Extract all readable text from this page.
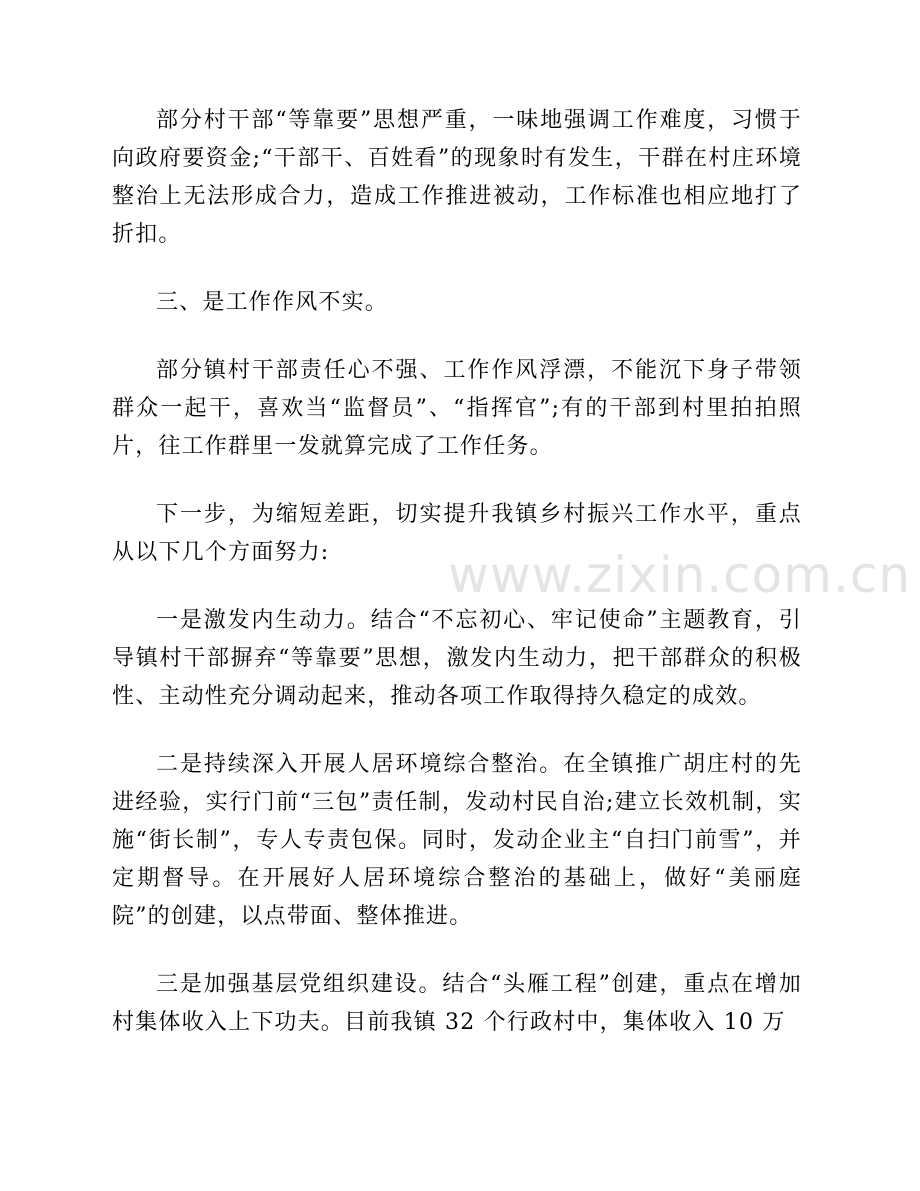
部分村干部“等靠要”思想严重，一味地强调工作难度，习惯于向政府要资金;“干部干、百姓看”的现象时有发生，干群在村庄环境整治上无法形成合力，造成工作推进被动，工作标准也相应地打了折扣。

三、是工作作风不实。

部分镇村干部责任心不强、工作作风浮漂，不能沉下身子带领群众一起干，喜欢当“监督员”、“指挥官”;有的干部到村里拍拍照片，往工作群里一发就算完成了工作任务。

下一步，为缩短差距，切实提升我镇乡村振兴工作水平，重点从以下几个方面努力:

一是激发内生动力。结合“不忘初心、牢记使命”主题教育，引导镇村干部摒弃“等靠要”思想，激发内生动力，把干部群众的积极性、主动性充分调动起来，推动各项工作取得持久稳定的成效。

二是持续深入开展人居环境综合整治。在全镇推广胡庄村的先进经验，实行门前“三包”责任制，发动村民自治;建立长效机制，实施“街长制”，专人专责包保。同时，发动企业主“自扫门前雪”，并定期督导。在开展好人居环境综合整治的基础上，做好“美丽庭院”的创建，以点带面、整体推进。

三是加强基层党组织建设。结合“头雁工程”创建，重点在增加村集体收入上下功夫。目前我镇 32 个行政村中，集体收入 10 万

www.zixin.com.cn
